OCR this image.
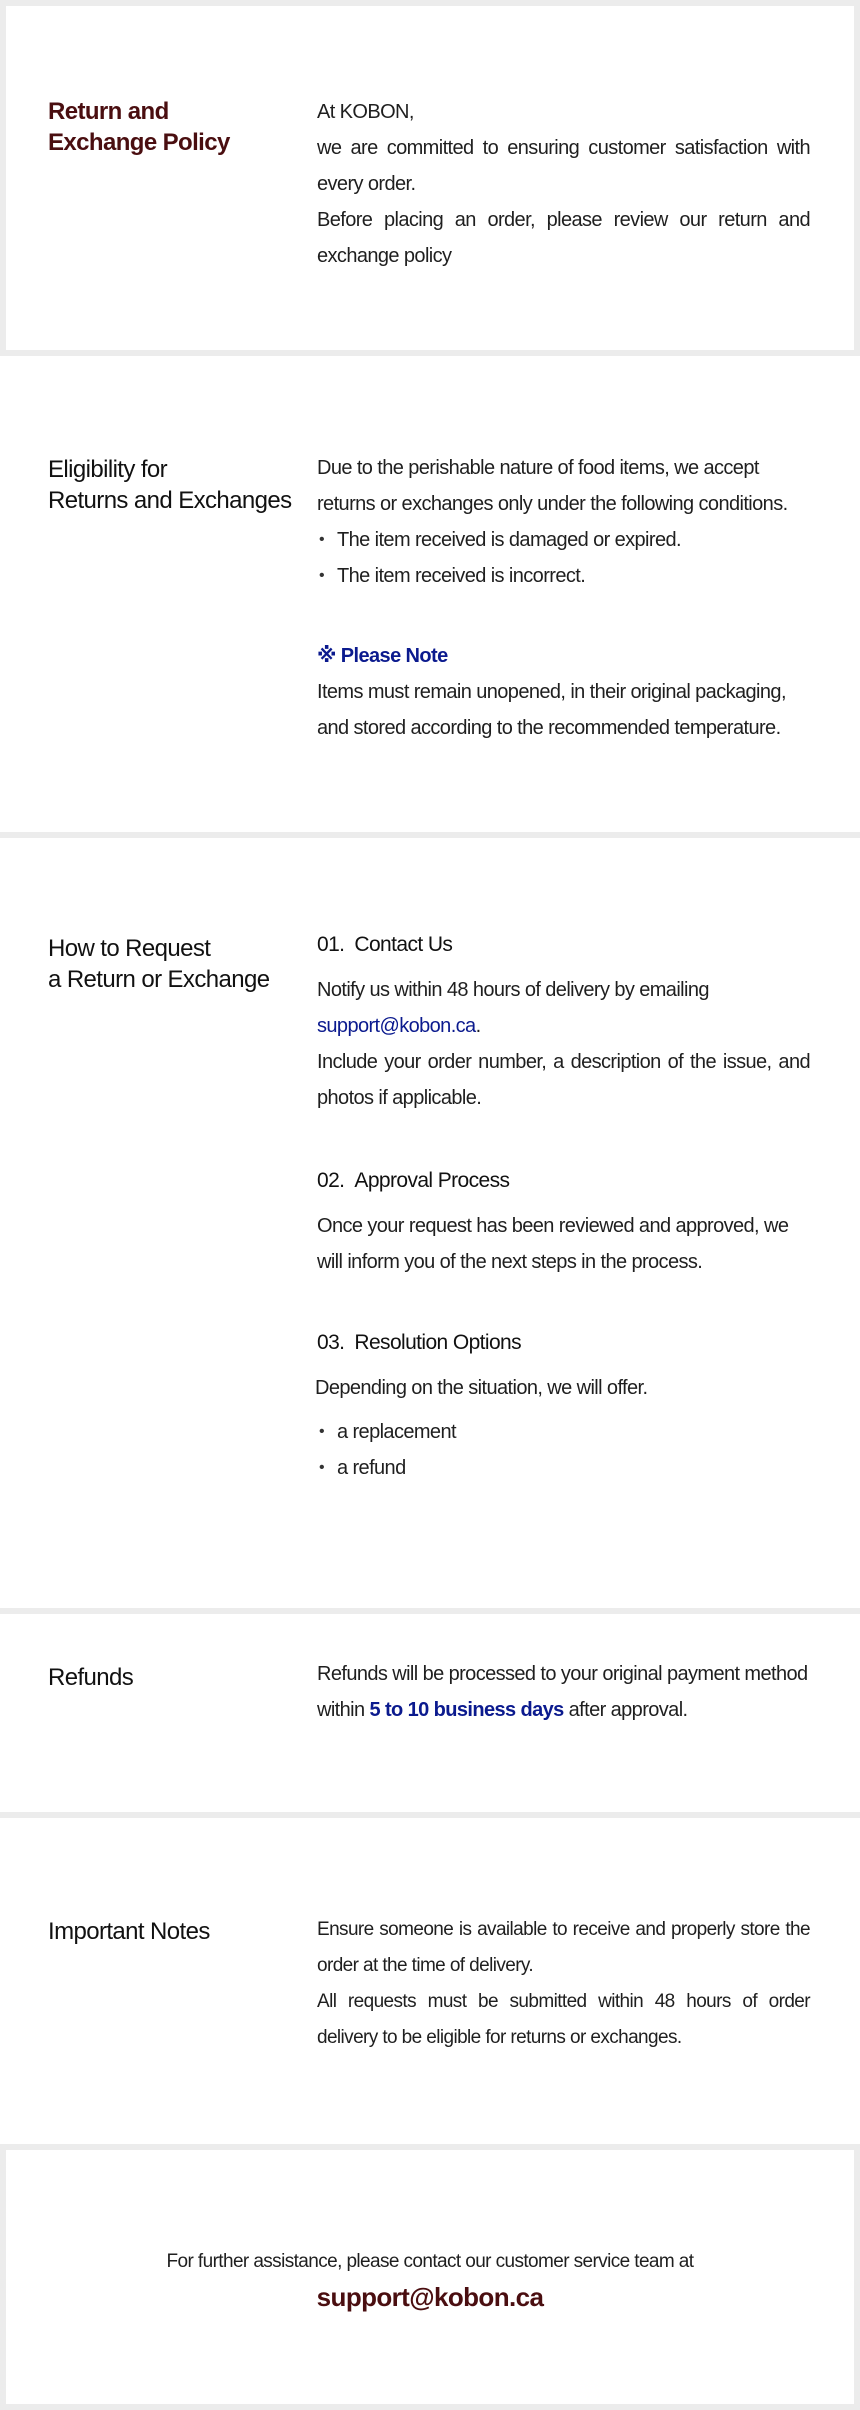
Return and
Exchange Policy
At KOBON,
we are committed to ensuring customer satisfaction with every order.
Before placing an order, please review our return and exchange policy
Eligibility for
Returns and Exchanges
Due to the perishable nature of food items, we accept returns or exchanges only under the following conditions.
• The item received is damaged or expired.
• The item received is incorrect.
※ Please Note
Items must remain unopened, in their original packaging, and stored according to the recommended temperature.
How to Request
a Return or Exchange
01. Contact Us
Notify us within 48 hours of delivery by emailing
support@kobon.ca.
Include your order number, a description of the issue, and photos if applicable.
02. Approval Process
Once your request has been reviewed and approved, we will inform you of the next steps in the process.
03. Resolution Options
Depending on the situation, we will offer.
• a replacement
• a refund
Refunds	Refunds will be processed to your original payment method within 5 to 10 business days after approval.
Important Notes	Ensure someone is available to receive and properly store the order at the time of delivery.
All requests must be submitted within 48 hours of order delivery to be eligible for returns or exchanges.
For further assistance, please contact our customer service team at
support@kobon.ca
